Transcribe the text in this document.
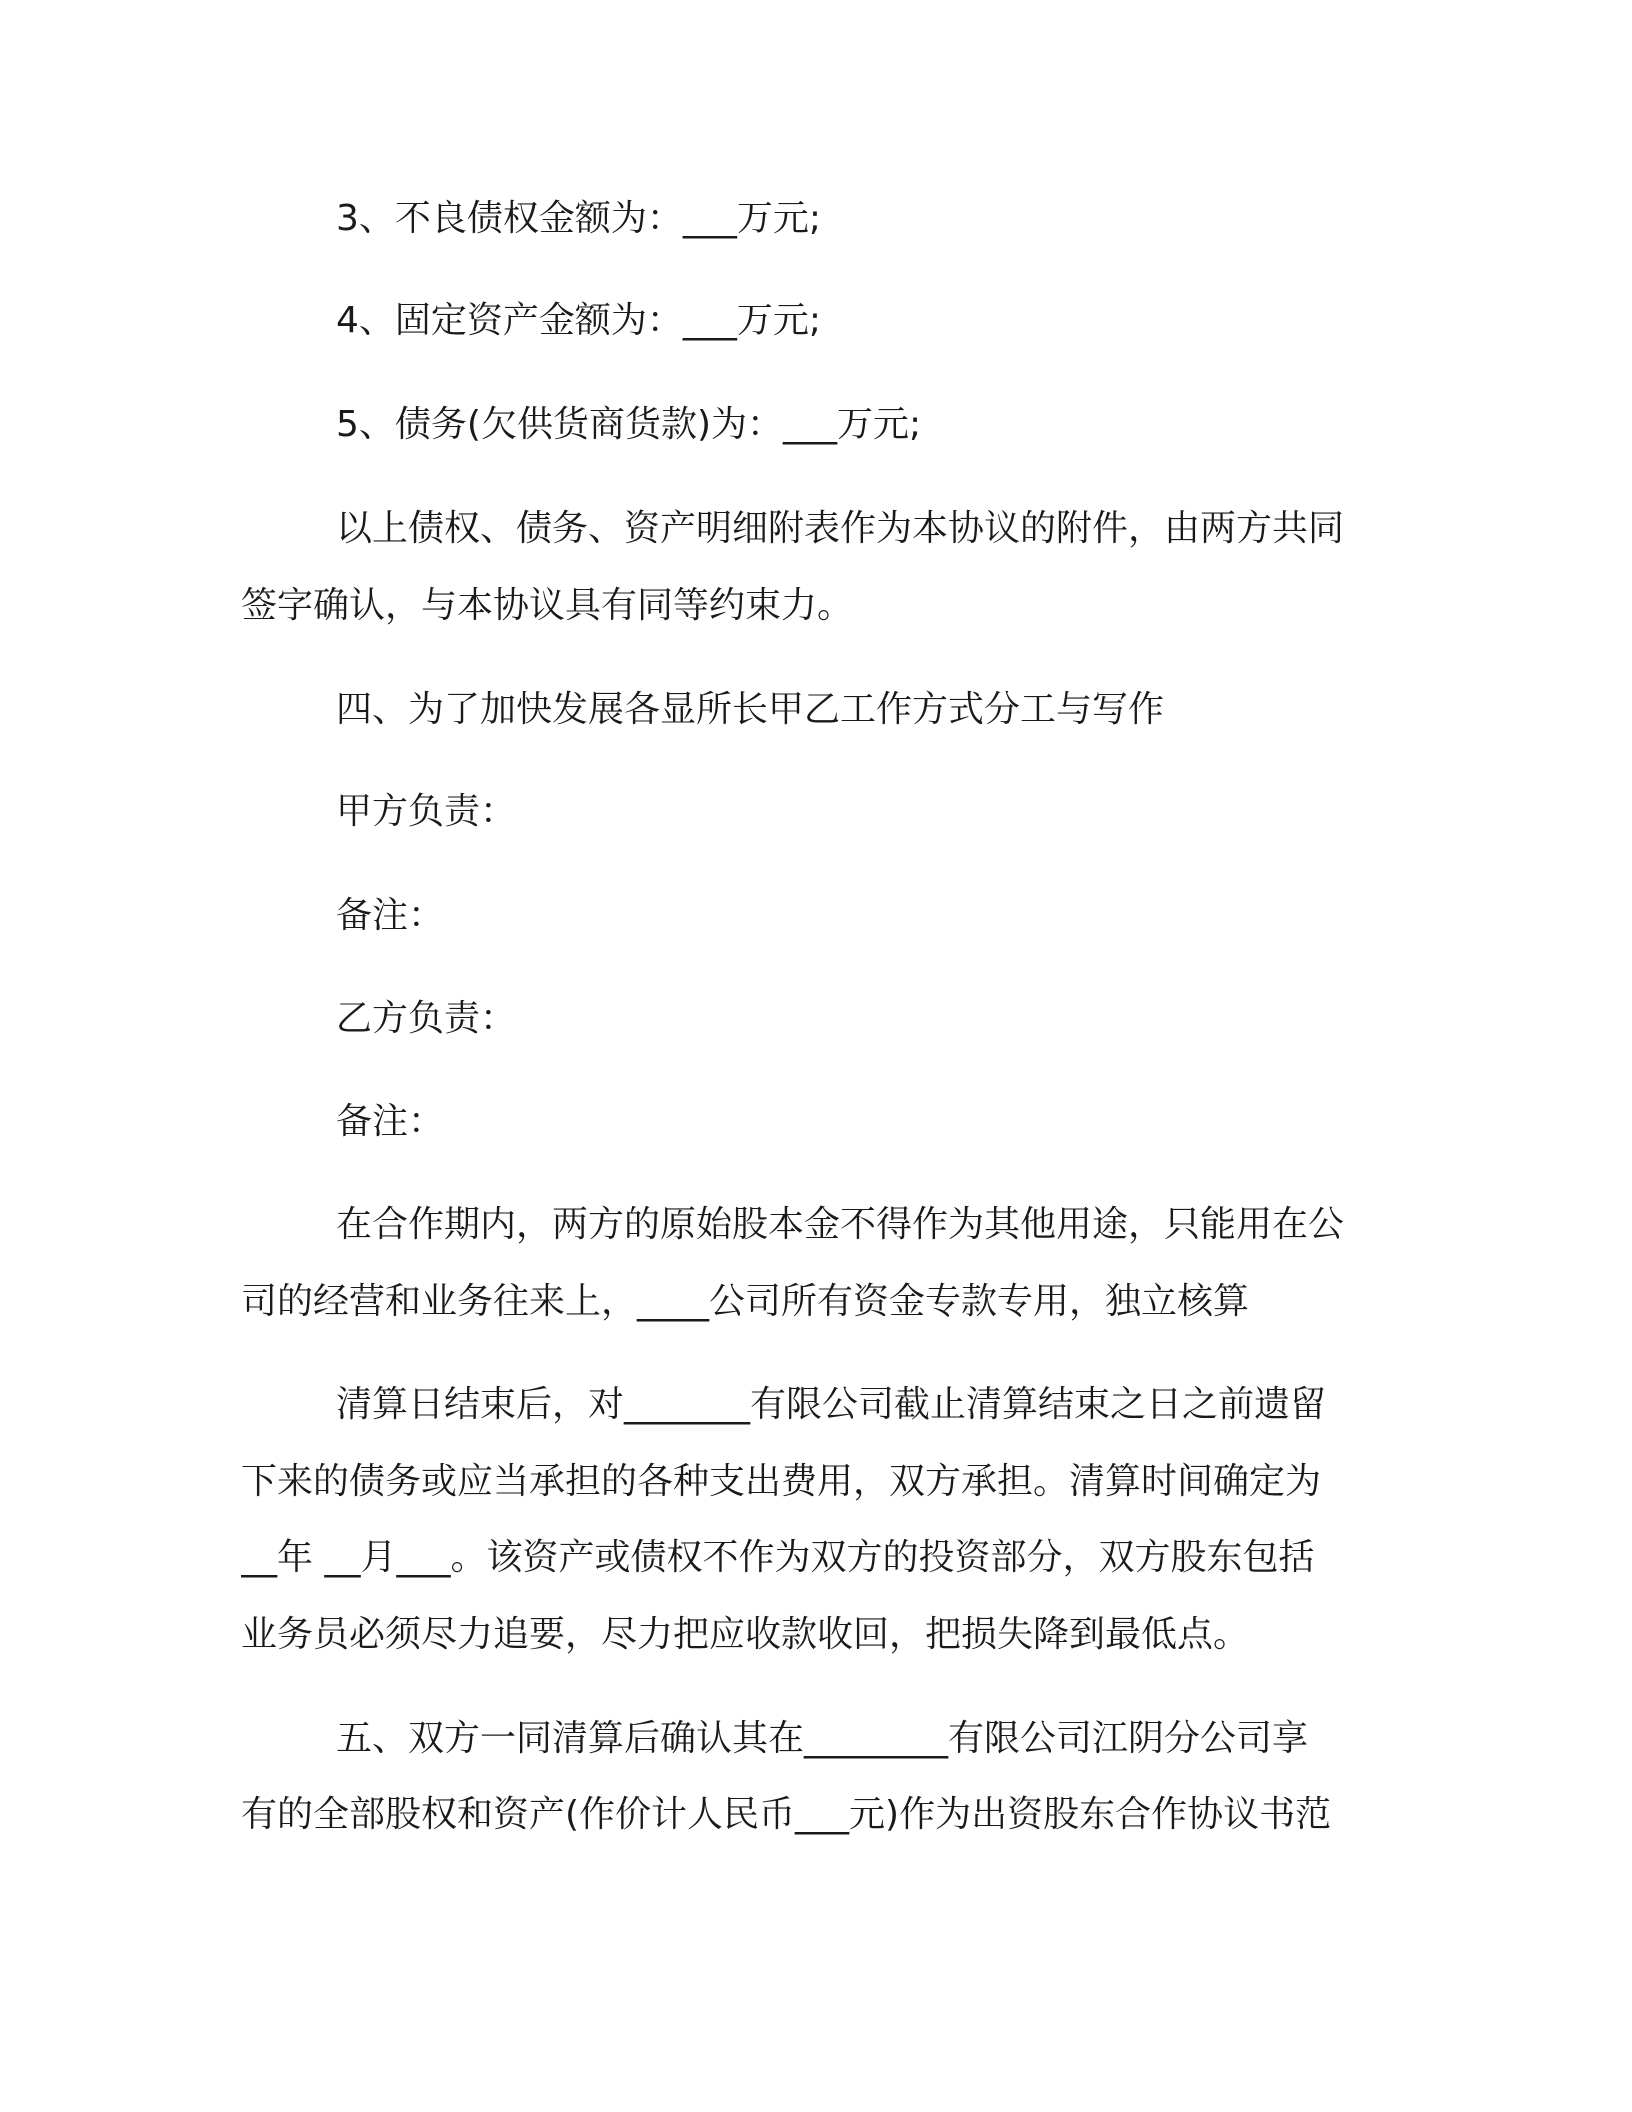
3、不良债权金额为：___万元;

4、固定资产金额为：___万元;

5、债务(欠供货商货款)为：___万元;

以上债权、债务、资产明细附表作为本协议的附件，由两方共同

签字确认，与本协议具有同等约束力。

四、为了加快发展各显所长甲乙工作方式分工与写作

甲方负责：

备注：

乙方负责：

备注：

在合作期内，两方的原始股本金不得作为其他用途，只能用在公

司的经营和业务往来上，____公司所有资金专款专用，独立核算

清算日结束后，对_______有限公司截止清算结束之日之前遗留

下来的债务或应当承担的各种支出费用，双方承担。清算时间确定为

__年 __月___。该资产或债权不作为双方的投资部分，双方股东包括

业务员必须尽力追要，尽力把应收款收回，把损失降到最低点。

五、双方一同清算后确认其在________有限公司江阴分公司享

有的全部股权和资产(作价计人民币___元)作为出资股东合作协议书范
